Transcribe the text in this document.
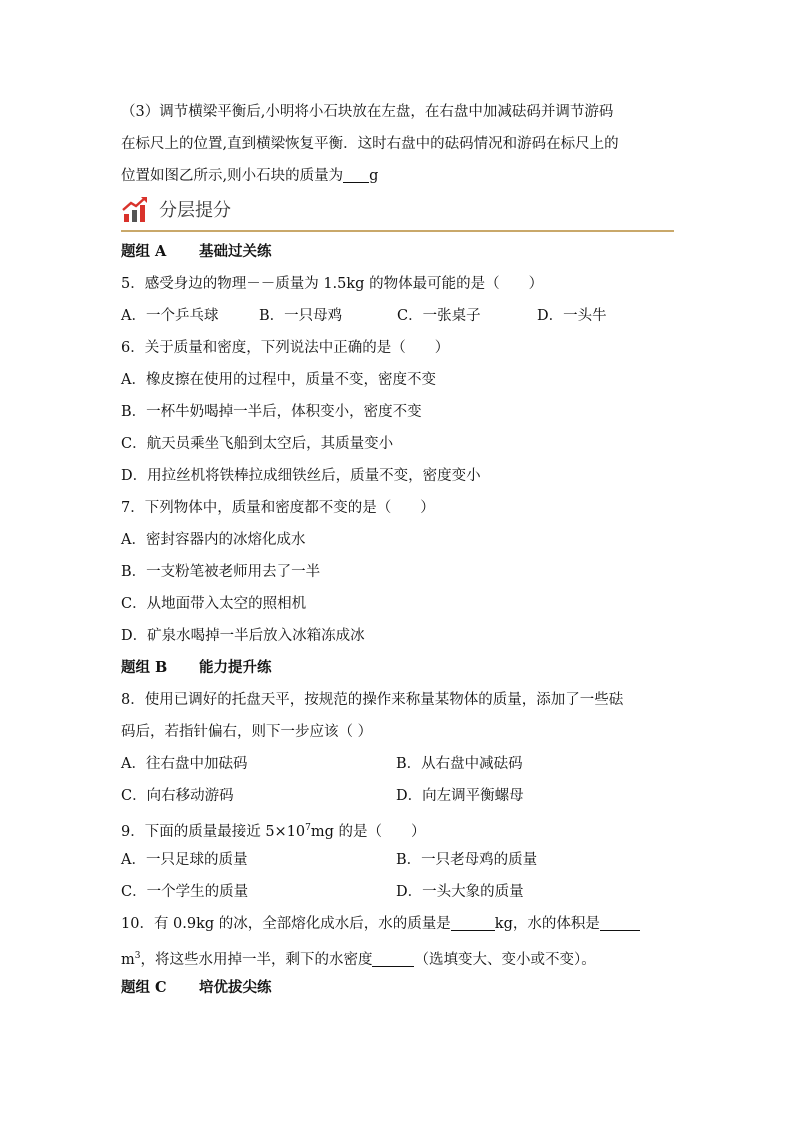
（3）调节横梁平衡后,小明将小石块放在左盘，在右盘中加减砝码并调节游码
在标尺上的位置,直到横梁恢复平衡．这时右盘中的砝码情况和游码在标尺上的
位置如图乙所示,则小石块的质量为 g
分层提分
题组 A 基础过关练
5．感受身边的物理－－质量为 1.5kg 的物体最可能的是（　　）
A．一个乒乓球	B．一只母鸡	C．一张桌子	D．一头牛
6．关于质量和密度，下列说法中正确的是（　　）
A．橡皮擦在使用的过程中，质量不变，密度不变
B．一杯牛奶喝掉一半后，体积变小，密度不变
C．航天员乘坐飞船到太空后，其质量变小
D．用拉丝机将铁棒拉成细铁丝后，质量不变，密度变小
7．下列物体中，质量和密度都不变的是（　　）
A．密封容器内的冰熔化成水
B．一支粉笔被老师用去了一半
C．从地面带入太空的照相机
D．矿泉水喝掉一半后放入冰箱冻成冰
题组 B 能力提升练
8．使用已调好的托盘天平，按规范的操作来称量某物体的质量，添加了一些砝
码后，若指针偏右，则下一步应该（ ）
A．往右盘中加砝码	B．从右盘中减砝码
C．向右移动游码	D．向左调平衡螺母
9．下面的质量最接近 $5\times 10^7mg$ 的是（　　）
A．一只足球的质量	B．一只老母鸡的质量
C．一个学生的质量	D．一头大象的质量
10．有 0.9kg 的冰，全部熔化成水后，水的质量是	kg，水的体积是
$m^3$，将这些水用掉一半，剩下的水密度	（选填变大、变小或不变）。
题组 C 培优拔尖练
